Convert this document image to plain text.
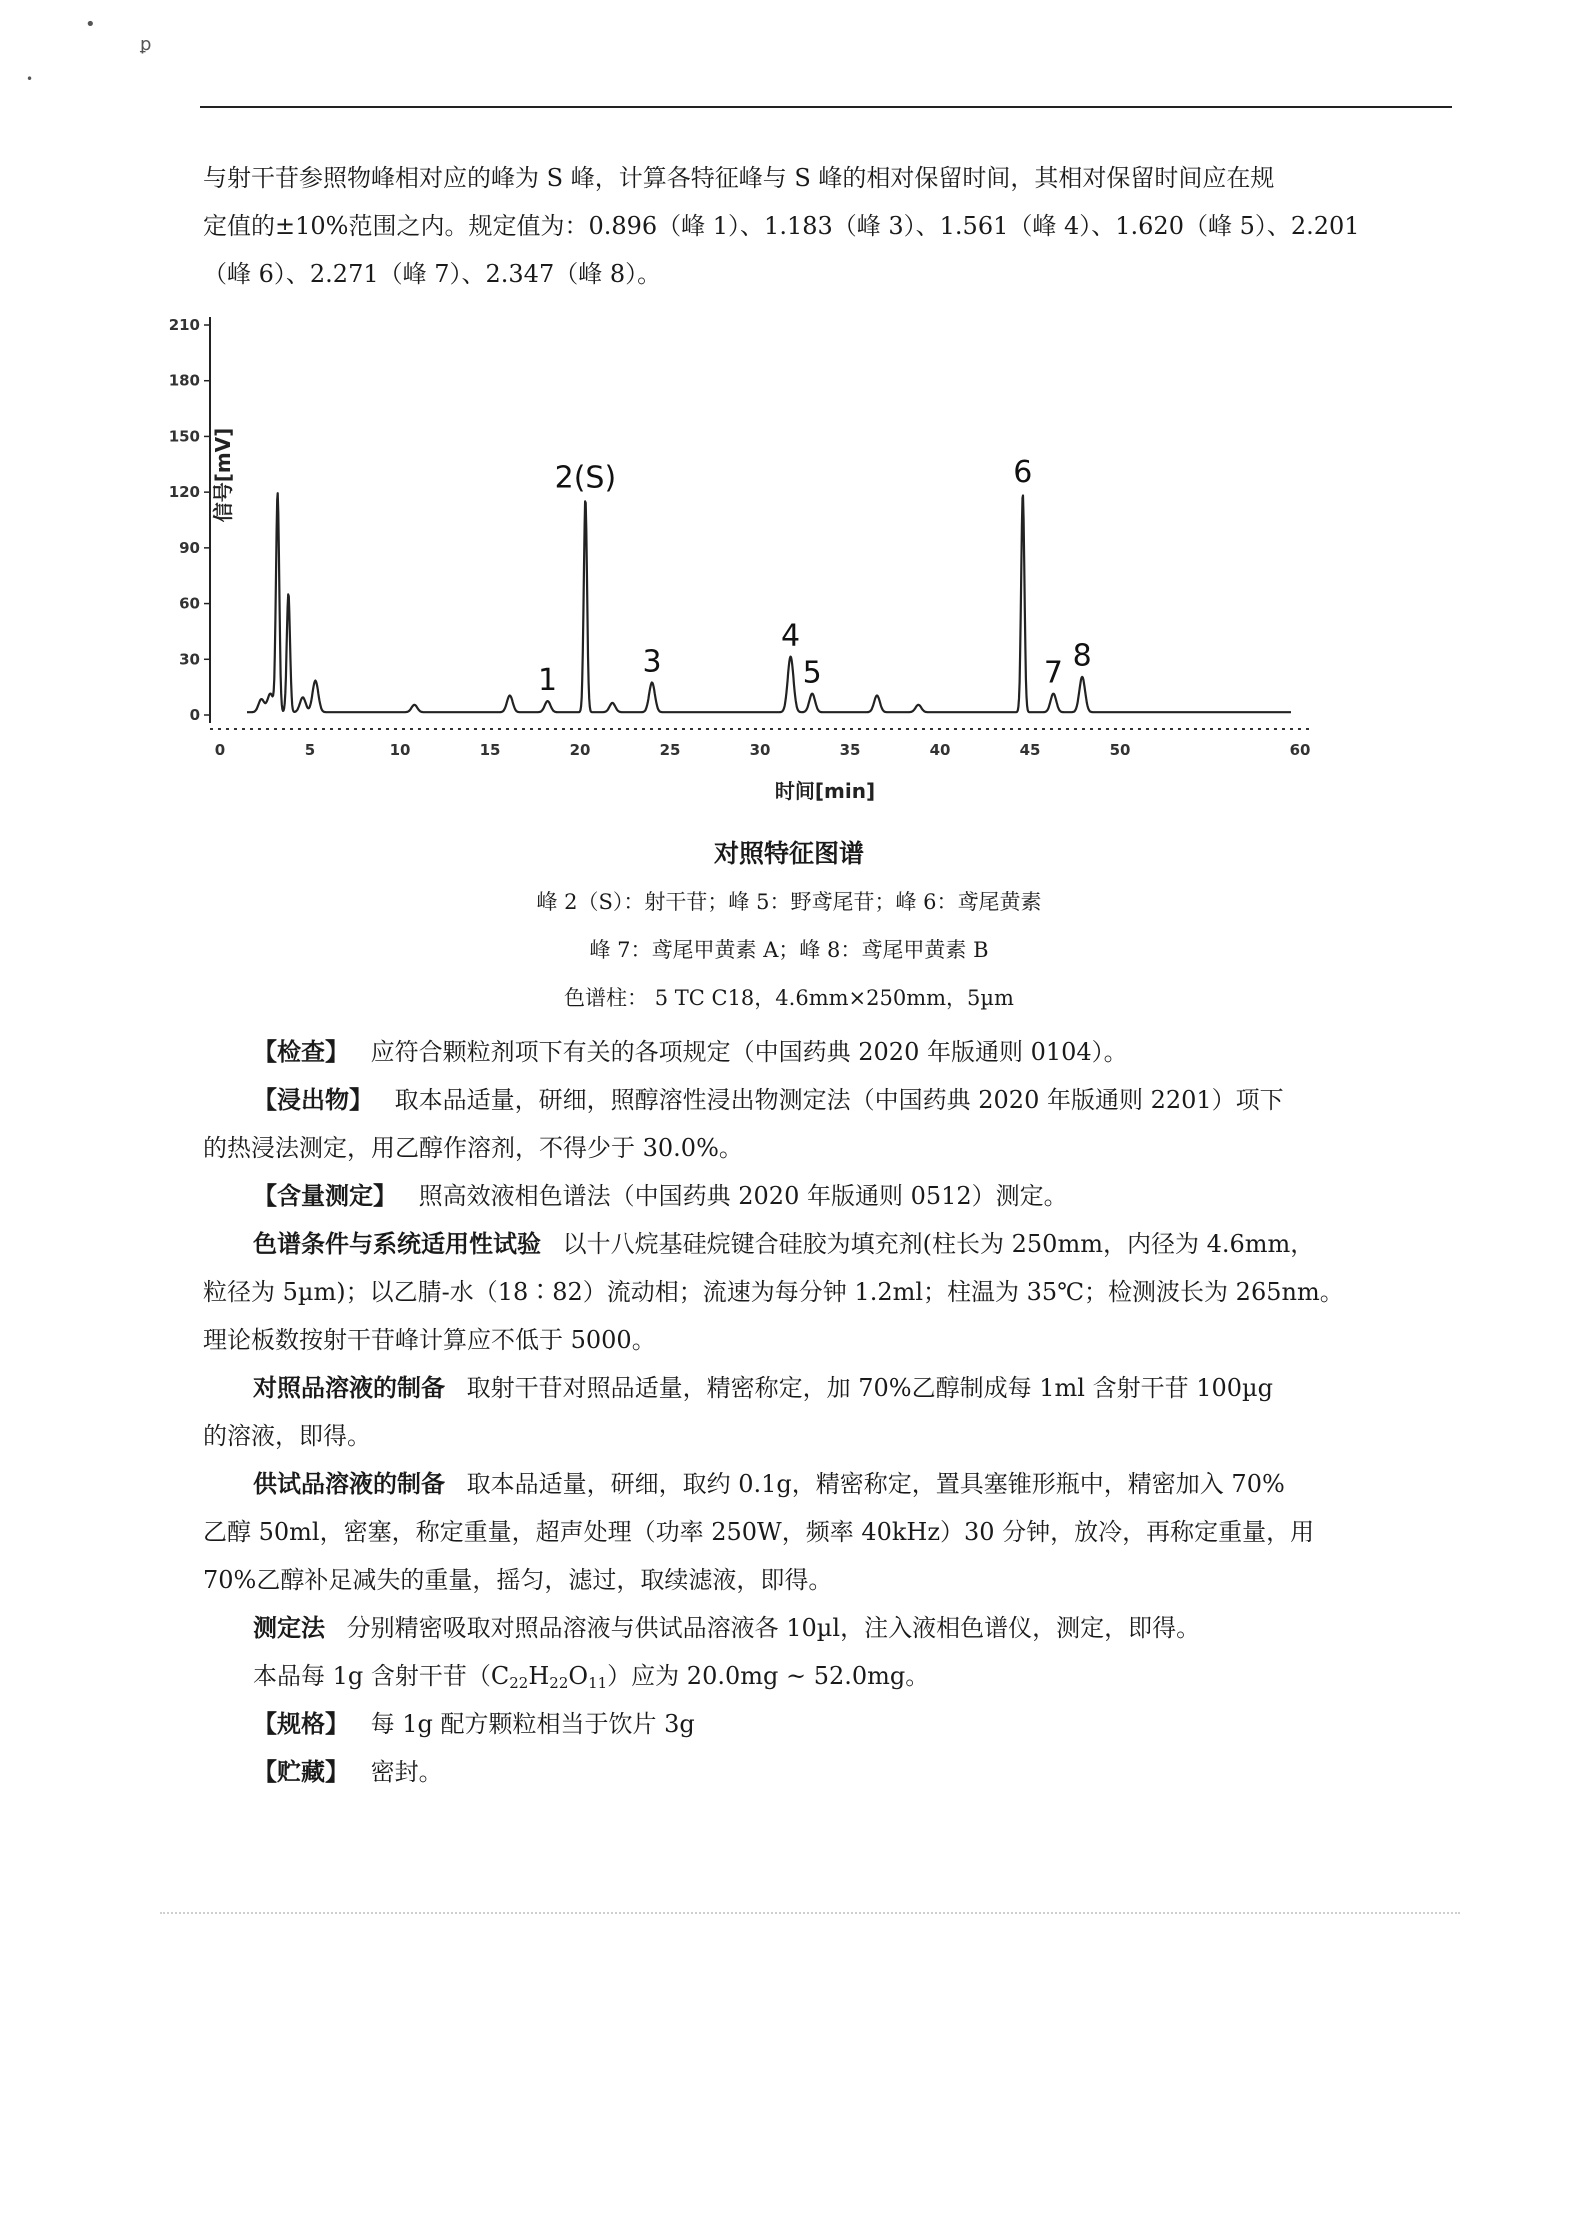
•
ꝑ
•
与射干苷参照物峰相对应的峰为 S 峰，计算各特征峰与 S 峰的相对保留时间，其相对保留时间应在规
定值的±10%范围之内。规定值为：0.896（峰 1）、1.183（峰 3）、1.561（峰 4）、1.620（峰 5）、2.201
（峰 6）、2.271（峰 7）、2.347（峰 8）。
0
30
60
90
120
150
180
210
0	5	10	15	20	25	30	35	40	45	50	60
1
2(S)
3
4
5
6
7 8
信号[mV]
时间[min]
对照特征图谱
峰 2（S）：射干苷；峰 5：野鸢尾苷；峰 6：鸢尾黄素
峰 7：鸢尾甲黄素 A；峰 8：鸢尾甲黄素 B
色谱柱： 5 TC C18，4.6mm×250mm，5µm
【检查】 应符合颗粒剂项下有关的各项规定（中国药典 2020 年版通则 0104）。
【浸出物】 取本品适量，研细，照醇溶性浸出物测定法（中国药典 2020 年版通则 2201）项下
的热浸法测定，用乙醇作溶剂，不得少于 30.0%。
【含量测定】 照高效液相色谱法（中国药典 2020 年版通则 0512）测定。
色谱条件与系统适用性试验 以十八烷基硅烷键合硅胶为填充剂(柱长为 250mm，内径为 4.6mm，
粒径为 5µm)；以乙腈-水（18∶82）流动相；流速为每分钟 1.2ml；柱温为 35℃；检测波长为 265nm。
理论板数按射干苷峰计算应不低于 5000。
对照品溶液的制备 取射干苷对照品适量，精密称定，加 70%乙醇制成每 1ml 含射干苷 100µg
的溶液，即得。
供试品溶液的制备 取本品适量，研细，取约 0.1g，精密称定，置具塞锥形瓶中，精密加入 70%
乙醇 50ml，密塞，称定重量，超声处理（功率 250W，频率 40kHz）30 分钟，放冷，再称定重量，用
70%乙醇补足减失的重量，摇匀，滤过，取续滤液，即得。
测定法 分别精密吸取对照品溶液与供试品溶液各 10µl，注入液相色谱仪，测定，即得。
本品每 1g 含射干苷$(C_{22}H_{22}O_{11})$应为 20.0mg ~ 52.0mg。
【规格】 每 1g 配方颗粒相当于饮片 3g
【贮藏】 密封。
